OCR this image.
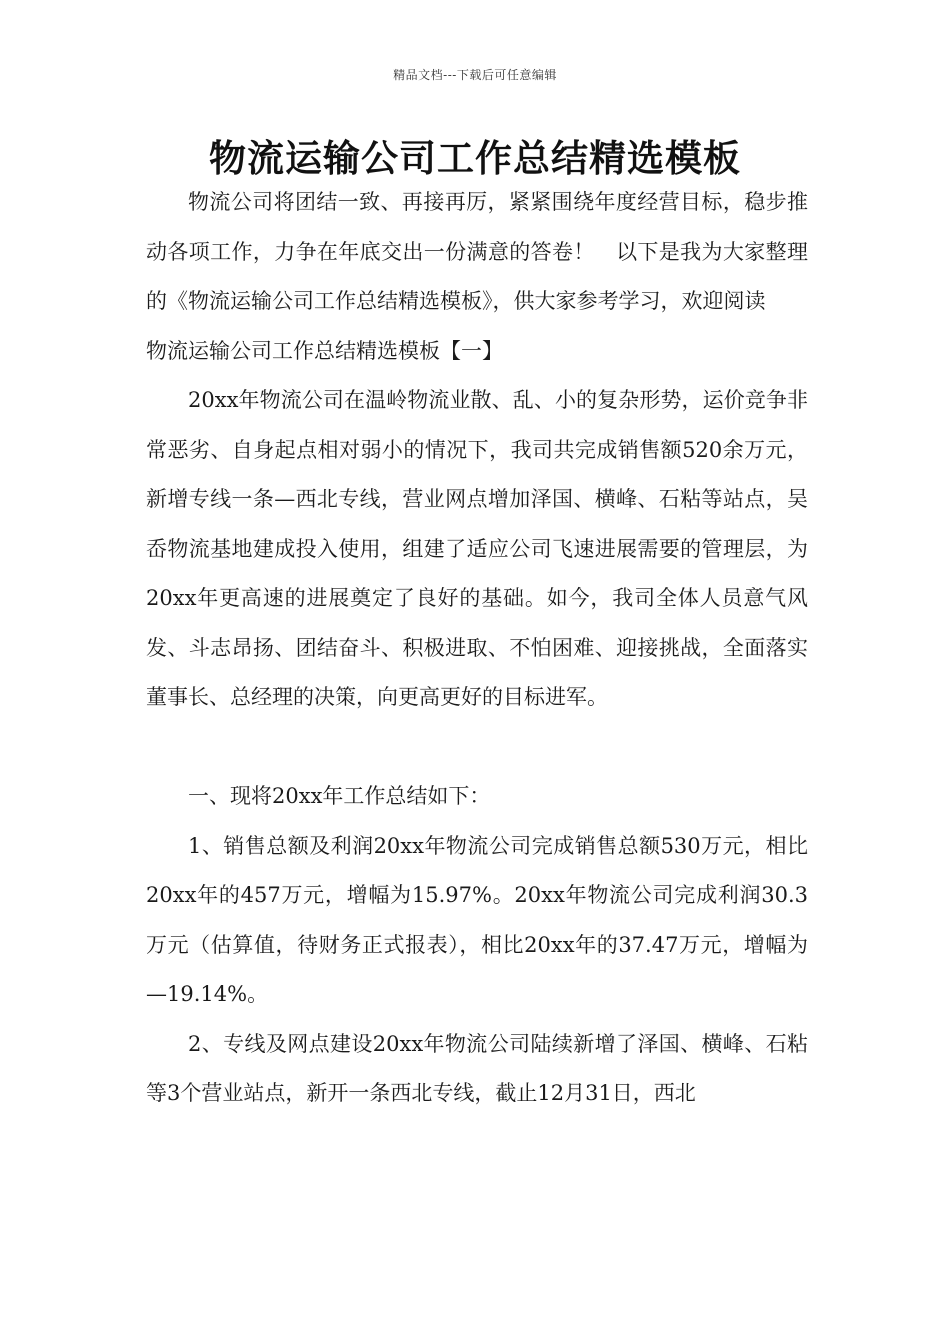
精品文档---下载后可任意编辑
物流运输公司工作总结精选模板

物流公司将团结一致、再接再厉，紧紧围绕年度经营目标，稳步推动各项工作，力争在年底交出一份满意的答卷！　以下是我为大家整理的《物流运输公司工作总结精选模板》，供大家参考学习，欢迎阅读

物流运输公司工作总结精选模板【一】

20xx年物流公司在温岭物流业散、乱、小的复杂形势，运价竞争非常恶劣、自身起点相对弱小的情况下，我司共完成销售额520余万元，新增专线一条—西北专线，营业网点增加泽国、横峰、石粘等站点，吴岙物流基地建成投入使用，组建了适应公司飞速进展需要的管理层，为20xx年更高速的进展奠定了良好的基础。如今，我司全体人员意气风发、斗志昂扬、团结奋斗、积极进取、不怕困难、迎接挑战，全面落实董事长、总经理的决策，向更高更好的目标进军。

一、现将20xx年工作总结如下：

1、销售总额及利润20xx年物流公司完成销售总额530万元，相比20xx年的457万元，增幅为15.97%。20xx年物流公司完成利润30.3万元（估算值，待财务正式报表），相比20xx年的37.47万元，增幅为—19.14%。

2、专线及网点建设20xx年物流公司陆续新增了泽国、横峰、石粘等3个营业站点，新开一条西北专线，截止12月31日，西北
